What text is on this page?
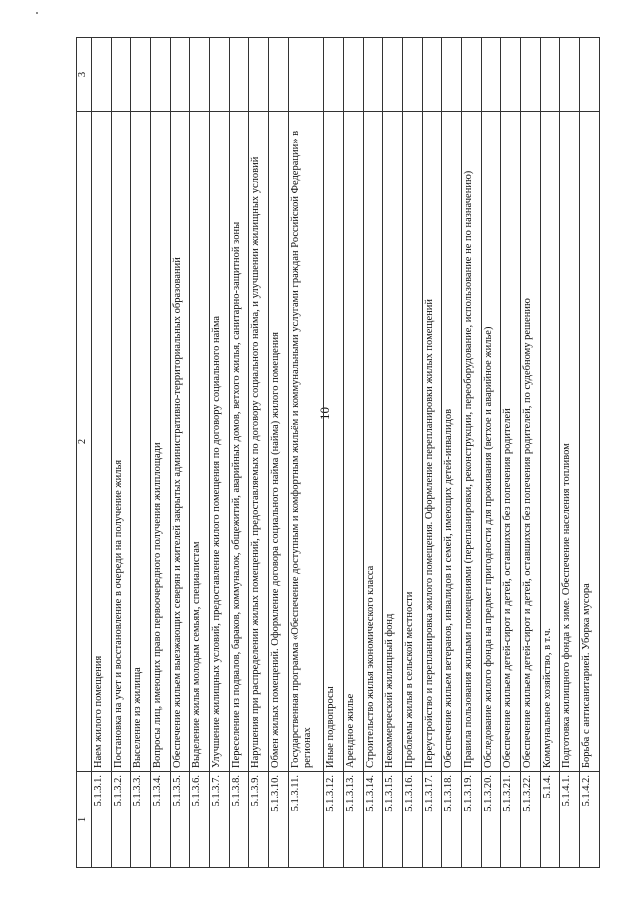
10
1	2	3
5.1.3.1.	Наем жилого помещения	
5.1.3.2.	Постановка на учет и восстановление в очереди на получение жилья	
5.1.3.3.	Выселение из жилища	
5.1.3.4.	Вопросы лиц, имеющих право первоочередного получения жилплощади	
5.1.3.5.	Обеспечение жильем выезжающих северян и жителей закрытых административно-территориальных образований	
5.1.3.6.	Выделение жилья молодым семьям, специалистам	
5.1.3.7.	Улучшение жилищных условий, предоставление жилого помещения по договору социального найма	
5.1.3.8.	Переселение из подвалов, бараков, коммуналок, общежитий, аварийных домов, ветхого жилья, санитарно-защитной зоны	
5.1.3.9.	Нарушения при распределении жилых помещений, предоставляемых по договору социального найма, и улучшении жилищных условий	
5.1.3.10.	Обмен жилых помещений. Оформление договора социального найма (найма) жилого помещения	
5.1.3.11.	Государственная программа «Обеспечение доступным и комфортным жильём и коммунальными услугами граждан Российской Федерации» в регионах	
5.1.3.12.	Иные подвопросы	
5.1.3.13.	Арендное жилье	
5.1.3.14.	Строительство жилья экономического класса	
5.1.3.15.	Некоммерческий жилищный фонд	
5.1.3.16.	Проблемы жилья в сельской местности	
5.1.3.17.	Переустройство и перепланировка жилого помещения. Оформление перепланировки жилых помещений	
5.1.3.18.	Обеспечение жильем ветеранов, инвалидов и семей, имеющих детей-инвалидов	
5.1.3.19.	Правила пользования жилыми помещениями (перепланировки, реконструкции, переоборудование, использование не по назначению)	
5.1.3.20.	Обследование жилого фонда на предмет пригодности для проживания (ветхое и аварийное жилье)	
5.1.3.21.	Обеспечение жильем детей-сирот и детей, оставшихся без попечения родителей	
5.1.3.22.	Обеспечение жильем детей-сирот и детей, оставшихся без попечения родителей, по судебному решению	
5.1.4.	Коммунальное хозяйство, в т.ч.	
5.1.4.1.	Подготовка жилищного фонда к зиме. Обеспечение населения топливом	
5.1.4.2.	Борьба с антисанитарией. Уборка мусора	
